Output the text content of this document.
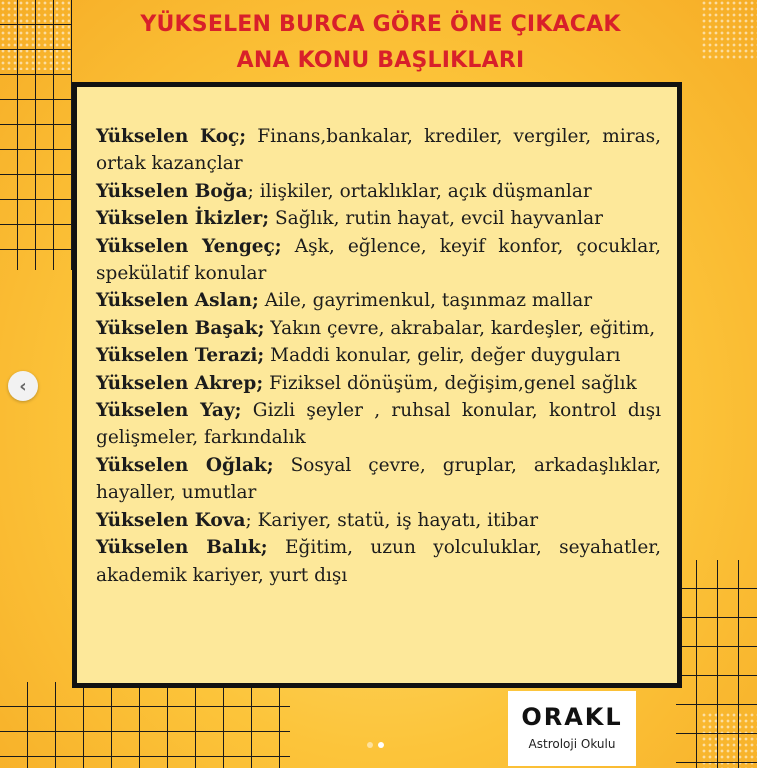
YÜKSELEN BURCA GÖRE ÖNE ÇIKACAK
ANA KONU BAŞLIKLARI

Yükselen Koç; Finans,bankalar, krediler, vergiler, miras, ortak kazançlar

Yükselen Boğa; ilişkiler, ortaklıklar, açık düşmanlar

Yükselen İkizler; Sağlık, rutin hayat, evcil hayvanlar

Yükselen Yengeç; Aşk, eğlence, keyif konfor, çocuklar, spekülatif konular

Yükselen Aslan; Aile, gayrimenkul, taşınmaz mallar

Yükselen Başak; Yakın çevre, akrabalar, kardeşler, eğitim,

Yükselen Terazi; Maddi konular, gelir, değer duyguları

Yükselen Akrep; Fiziksel dönüşüm, değişim,genel sağlık

Yükselen Yay; Gizli şeyler , ruhsal konular, kontrol dışı gelişmeler, farkındalık

Yükselen Oğlak; Sosyal çevre, gruplar, arkadaşlıklar, hayaller, umutlar

Yükselen Kova; Kariyer, statü, iş hayatı, itibar

Yükselen Balık; Eğitim, uzun yolculuklar, seyahatler, akademik kariyer, yurt dışı

ORAKL
Astroloji Okulu
‹
